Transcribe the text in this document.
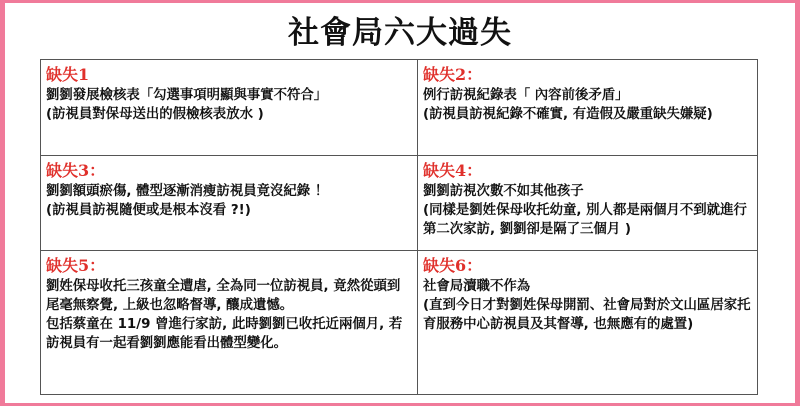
社會局六大過失
缺失1
劉劉發展檢核表「勾選事項明顯與事實不符合」
(訪視員對保母送出的假檢核表放水 )	缺失2：
例行訪視紀錄表「 內容前後矛盾」
(訪視員訪視紀錄不確實, 有造假及嚴重缺失嫌疑)

缺失3：
劉劉額頭瘀傷, 體型逐漸消瘦訪視員竟沒紀錄 ！
(訪視員訪視隨便或是根本沒看 ?!)	缺失4：
劉劉訪視次數不如其他孩子
(同樣是劉姓保母收托幼童, 別人都是兩個月不到就進行第二次家訪, 劉劉卻是隔了三個月 )

缺失5：
劉姓保母收托三孩童全遭虐, 全為同一位訪視員, 竟然從頭到尾毫無察覺, 上級也忽略督導, 釀成遺憾。
包括蔡童在 11/9 曾進行家訪, 此時劉劉已收托近兩個月, 若訪視員有一起看劉劉應能看出體型變化。	缺失6：
社會局瀆職不作為
(直到今日才對劉姓保母開罰、社會局對於文山區居家托育服務中心訪視員及其督導, 也無應有的處置)
